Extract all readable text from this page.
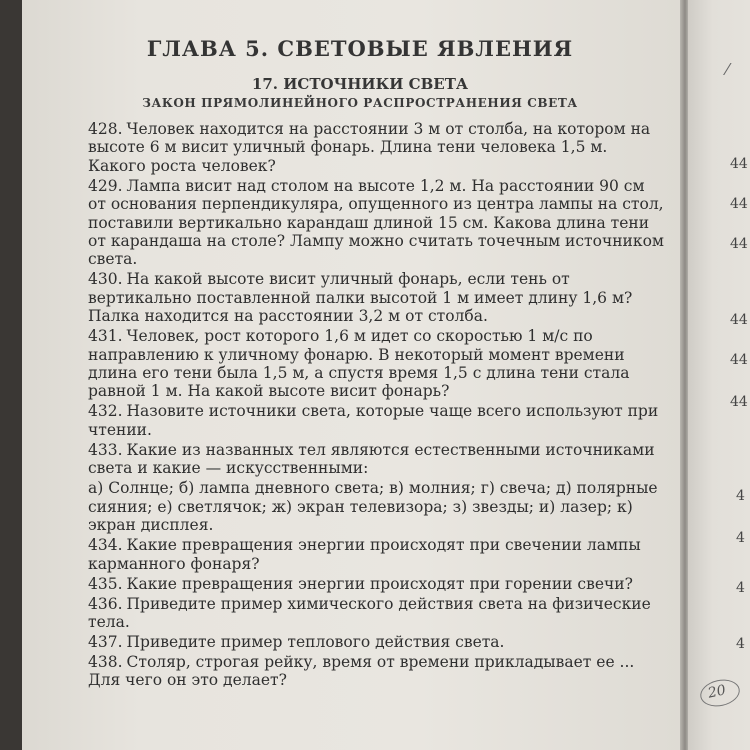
ГЛАВА 5. СВЕТОВЫЕ ЯВЛЕНИЯ
17. ИСТОЧНИКИ СВЕТА
ЗАКОН ПРЯМОЛИНЕЙНОГО РАСПРОСТРАНЕНИЯ СВЕТА
428. Человек находится на расстоянии 3 м от столба, на котором на высоте 6 м висит уличный фонарь. Длина тени человека 1,5 м. Какого роста человек?
429. Лампа висит над столом на высоте 1,2 м. На расстоянии 90 см от основания перпендикуляра, опущенного из центра лампы на стол, поставили вертикально карандаш длиной 15 см. Какова длина тени от карандаша на столе? Лампу можно считать точечным источником света.
430. На какой высоте висит уличный фонарь, если тень от вертикально поставленной палки высотой 1 м имеет длину 1,6 м? Палка находится на расстоянии 3,2 м от столба.
431. Человек, рост которого 1,6 м идет со скоростью 1 м/с по направлению к уличному фонарю. В некоторый момент времени длина его тени была 1,5 м, а спустя время 1,5 с длина тени стала равной 1 м. На какой высоте висит фонарь?
432. Назовите источники света, которые чаще всего используют при чтении.
433. Какие из названных тел являются естественными источниками света и какие — искусственными:
а) Солнце; б) лампа дневного света; в) молния; г) свеча; д) полярные сияния; е) светлячок; ж) экран телевизора; з) звезды; и) лазер; к) экран дисплея.
434. Какие превращения энергии происходят при свечении лампы карманного фонаря?
435. Какие превращения энергии происходят при горении свечи?
436. Приведите пример химического действия света на физические тела.
437. Приведите пример теплового действия света.
438. Столяр, строгая рейку, время от времени прикладывает ее ... Для чего он это делает?
⁄
44
44
44
44
44
44
4
4
4
4
20
